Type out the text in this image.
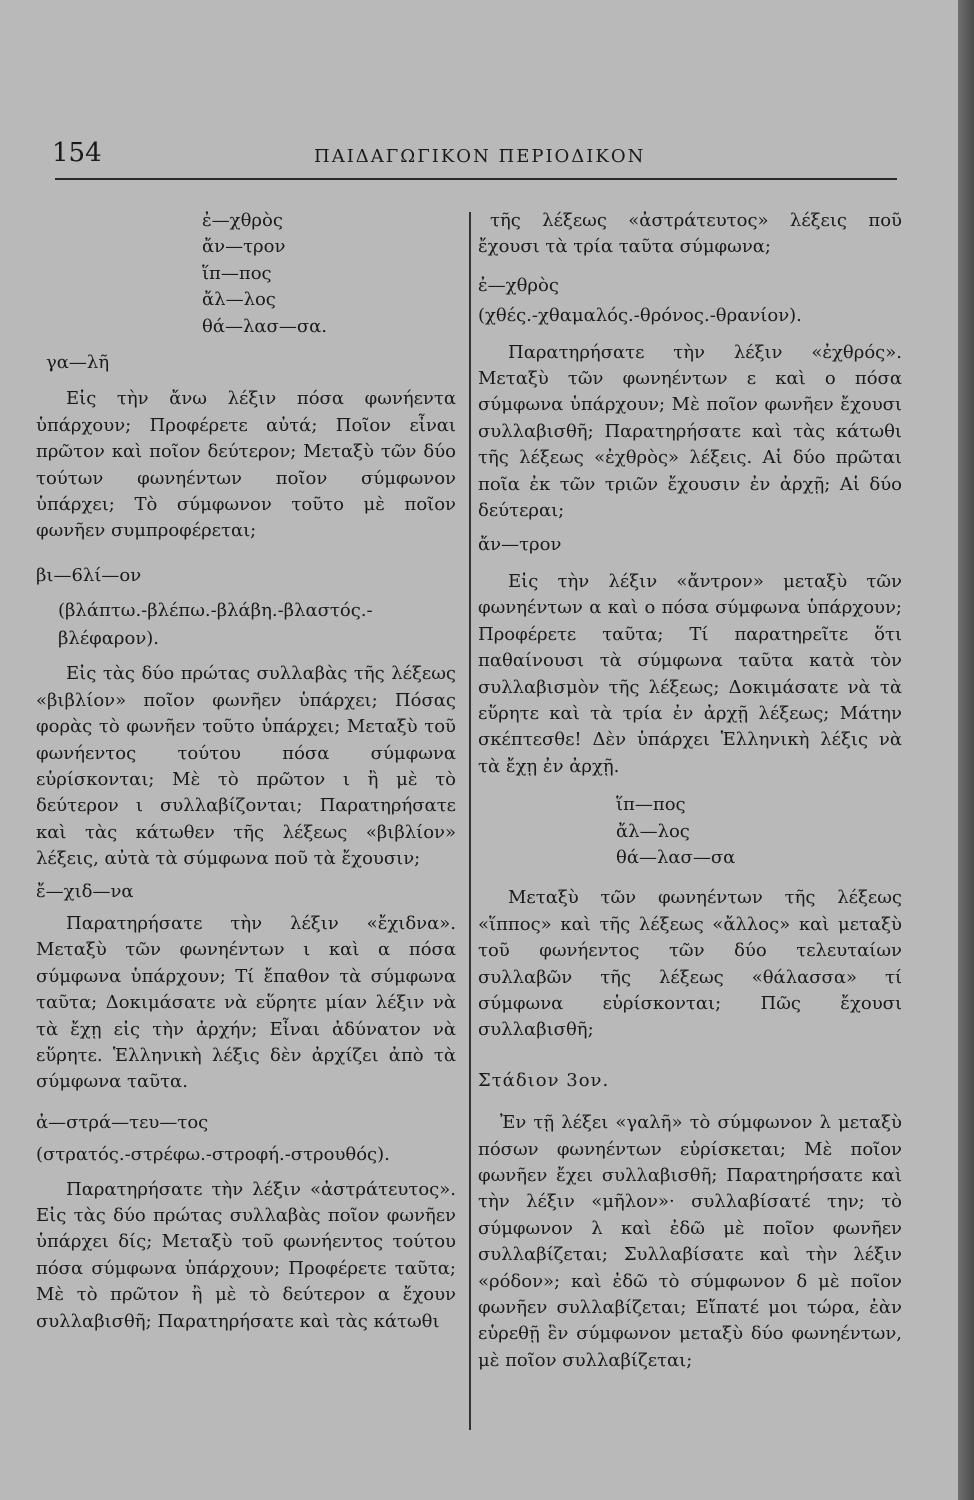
154	ΠΑΙΔΑΓΩΓΙΚΟΝ ΠΕΡΙΟΔΙΚΟΝ

ἐ—χθρὸς

ἄν—τρον

ἵπ—πος

ἄλ—λος

θά—λασ—σα.

γα—λῆ

Εἰς τὴν ἄνω λέξιν πόσα φωνήεντα ὑπάρχουν; Προφέρετε αὐτά; Ποῖον εἶναι πρῶτον καὶ ποῖον δεύτερον; Μεταξὺ τῶν δύο τούτων φωνηέντων ποῖον σύμφωνον ὑπάρχει; Τὸ σύμφωνον τοῦτο μὲ ποῖον φωνῆεν συμπροφέρεται;

βι—6λί—ον

(βλάπτω.-βλέπω.-βλάβη.-βλαστός.-βλέφαρον).

Εἰς τὰς δύο πρώτας συλλαβὰς τῆς λέξεως «βιβλίον» ποῖον φωνῆεν ὑπάρχει; Πόσας φορὰς τὸ φωνῆεν τοῦτο ὑπάρχει; Μεταξὺ τοῦ φωνήεντος τούτου πόσα σύμφωνα εὑρίσκονται; Μὲ τὸ πρῶτον ι ἢ μὲ τὸ δεύτερον ι συλλαβίζονται; Παρατηρήσατε καὶ τὰς κάτωθεν τῆς λέξεως «βιβλίον» λέξεις, αὐτὰ τὰ σύμφωνα ποῦ τὰ ἔχουσιν;

ἔ—χιδ—να

Παρατηρήσατε τὴν λέξιν «ἔχιδνα». Μεταξὺ τῶν φωνηέντων ι καὶ α πόσα σύμφωνα ὑπάρχουν; Τί ἔπαθον τὰ σύμφωνα ταῦτα; Δοκιμάσατε νὰ εὕρητε μίαν λέξιν νὰ τὰ ἔχῃ εἰς τὴν ἀρχήν; Εἶναι ἀδύνατον νὰ εὕρητε. Ἑλληνικὴ λέξις δὲν ἀρχίζει ἀπὸ τὰ σύμφωνα ταῦτα.

ἀ—στρά—τευ—τος

(στρατός.-στρέφω.-στροφή.-στρουθός).

Παρατηρήσατε τὴν λέξιν «ἀστράτευτος». Εἰς τὰς δύο πρώτας συλλαβὰς ποῖον φωνῆεν ὑπάρχει δίς; Μεταξὺ τοῦ φωνήεντος τούτου πόσα σύμφωνα ὑπάρχουν; Προφέρετε ταῦτα; Μὲ τὸ πρῶτον ἢ μὲ τὸ δεύτερον α ἔχουν συλλαβισθῆ; Παρατηρήσατε καὶ τὰς κάτωθι

τῆς λέξεως «ἀστράτευτος» λέξεις ποῦ ἔχουσι τὰ τρία ταῦτα σύμφωνα;

ἐ—χθρὸς

(χθές.-χθαμαλός.-θρόνος.-θρανίον).

Παρατηρήσατε τὴν λέξιν «ἐχθρός». Μεταξὺ τῶν φωνηέντων ε καὶ ο πόσα σύμφωνα ὑπάρχουν; Μὲ ποῖον φωνῆεν ἔχουσι συλλαβισθῆ; Παρατηρήσατε καὶ τὰς κάτωθι τῆς λέξεως «ἐχθρὸς» λέξεις. Αἱ δύο πρῶται ποῖα ἐκ τῶν τριῶν ἔχουσιν ἐν ἀρχῇ; Αἱ δύο δεύτεραι;

ἄν—τρον

Εἰς τὴν λέξιν «ἄντρον» μεταξὺ τῶν φωνηέντων α καὶ ο πόσα σύμφωνα ὑπάρχουν; Προφέρετε ταῦτα; Τί παρατηρεῖτε ὅτι παθαίνουσι τὰ σύμφωνα ταῦτα κατὰ τὸν συλλαβισμὸν τῆς λέξεως; Δοκιμάσατε νὰ τὰ εὕρητε καὶ τὰ τρία ἐν ἀρχῇ λέξεως; Μάτην σκέπτεσθε! Δὲν ὑπάρχει Ἑλληνικὴ λέξις νὰ τὰ ἔχῃ ἐν ἀρχῇ.

ἵπ—πος

ἄλ—λος

θά—λασ—σα

Μεταξὺ τῶν φωνηέντων τῆς λέξεως «ἵππος» καὶ τῆς λέξεως «ἄλλος» καὶ μεταξὺ τοῦ φωνήεντος τῶν δύο τελευταίων συλλαβῶν τῆς λέξεως «θάλασσα» τί σύμφωνα εὑρίσκονται; Πῶς ἔχουσι συλλαβισθῆ;

Στάδιον 3ον.

Ἐν τῇ λέξει «γαλῆ» τὸ σύμφωνον λ μεταξὺ πόσων φωνηέντων εὑρίσκεται; Μὲ ποῖον φωνῆεν ἔχει συλλαβισθῆ; Παρατηρήσατε καὶ τὴν λέξιν «μῆλον»· συλλαβίσατέ την; τὸ σύμφωνον λ καὶ ἐδῶ μὲ ποῖον φωνῆεν συλλαβίζεται; Συλλαβίσατε καὶ τὴν λέξιν «ρόδον»; καὶ ἐδῶ τὸ σύμφωνον δ μὲ ποῖον φωνῆεν συλλαβίζεται; Εἴπατέ μοι τώρα, ἐὰν εὑρεθῇ ἓν σύμφωνον μεταξὺ δύο φωνηέντων, μὲ ποῖον συλλαβίζεται;
